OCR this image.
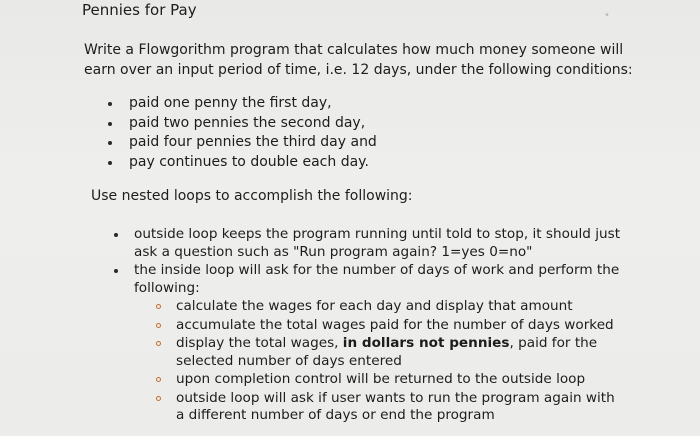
Pennies for Pay
Write a Flowgorithm program that calculates how much money someone will earn over an input period of time, i.e. 12 days, under the following conditions:
paid one penny the first day,
paid two pennies the second day,
paid four pennies the third day and
pay continues to double each day.
Use nested loops to accomplish the following:
outside loop keeps the program running until told to stop, it should just ask a question such as "Run program again? 1=yes 0=no"
the inside loop will ask for the number of days of work and perform the following:
calculate the wages for each day and display that amount
accumulate the total wages paid for the number of days worked
display the total wages, in dollars not pennies, paid for the selected number of days entered
upon completion control will be returned to the outside loop
outside loop will ask if user wants to run the program again with a different number of days or end the program
•
